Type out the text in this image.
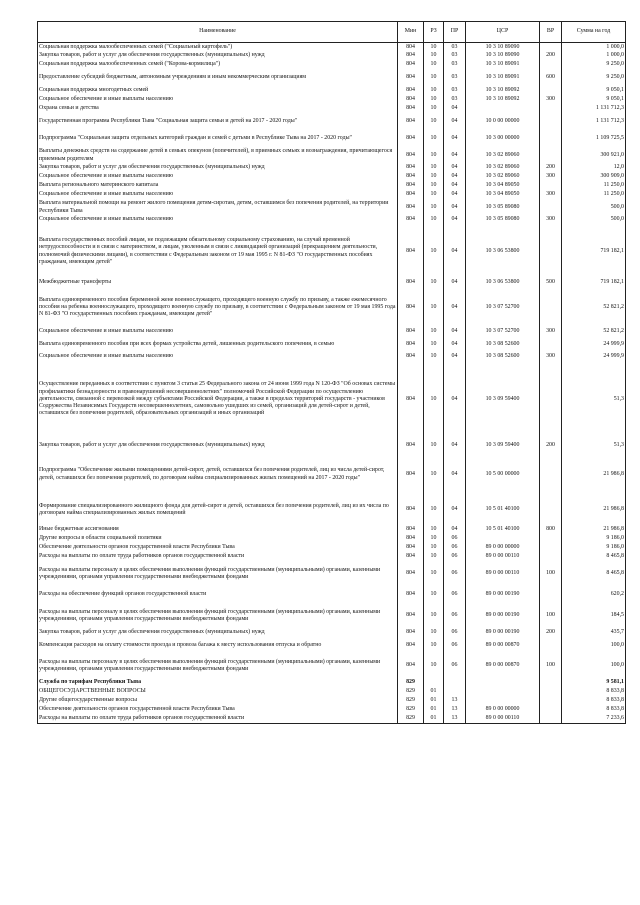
Наименование	Мин	РЗ	ПР	ЦСР	ВР	Сумма на год
Социальная поддержка малообеспеченных семей ("Социальный картофель")	804	10	03	10 3 10 89090		1 000,0
Закупка товаров, работ и услуг для обеспечения государственных (муниципальных) нужд	804	10	03	10 3 10 89090	200	1 000,0
Социальная поддержка малообеспеченных семей ("Корова-кормилица")	804	10	03	10 3 10 89091		9 250,0
Предоставление субсидий бюджетным, автономным учреждениям и иным некоммерческим организациям	804	10	03	10 3 10 89091	600	9 250,0
Социальная поддержка многодетных семей	804	10	03	10 3 10 89092		9 050,1
Социальное обеспечение и иные выплаты населению	804	10	03	10 3 10 89092	300	9 050,1
Охрана семьи и детства	804	10	04			1 131 712,3
Государственная программа Республики Тыва "Социальная защита семьи и детей на 2017 - 2020 годы"	804	10	04	10 0 00 00000		1 131 712,3
Подпрограмма "Социальная защита отдельных категорий граждан и семей с детьми в Республике Тыва на 2017 - 2020 годы"	804	10	04	10 3 00 00000		1 109 725,5
Выплаты денежных средств на содержание детей в семьях опекунов (попечителей), в приемных семьях и вознаграждения, причитающегося приемным родителям	804	10	04	10 3 02 89060		300 921,0
Закупка товаров, работ и услуг для обеспечения государственных (муниципальных) нужд	804	10	04	10 3 02 89060	200	12,0
Социальное обеспечение и иные выплаты населению	804	10	04	10 3 02 89060	300	300 909,0
Выплата регионального материнского капитала	804	10	04	10 3 04 89050		11 250,0
Социальное обеспечение и иные выплаты населению	804	10	04	10 3 04 89050	300	11 250,0
Выплата материальной помощи на ремонт жилого помещения детям-сиротам, детям, оставшимся без попечения родителей, на территории Республики Тыва	804	10	04	10 3 05 89080		500,0
Социальное обеспечение и иные выплаты населению	804	10	04	10 3 05 89080	300	500,0
Выплата государственных пособий лицам, не подлежащим обязательному социальному страхованию, на случай временной нетрудоспособности и в связи с материнством, и лицам, уволенным в связи с ликвидацией организаций (прекращением деятельности, полномочий физическими лицами), в соответствии с Федеральным законом от 19 мая 1995 г. N 81-ФЗ "О государственных пособиях гражданам, имеющим детей"	804	10	04	10 3 06 53800		719 182,1
Межбюджетные трансферты	804	10	04	10 3 06 53800	500	719 182,1
Выплата единовременного пособия беременной жене военнослужащего, проходящего военную службу по призыву, а также ежемесячного пособия на ребенка военнослужащего, проходящего военную службу по призыву, в соответствии с Федеральным законом от 19 мая 1995 года N 81-ФЗ "О государственных пособиях гражданам, имеющим детей"	804	10	04	10 3 07 52700		52 821,2
Социальное обеспечение и иные выплаты населению	804	10	04	10 3 07 52700	300	52 821,2
Выплата единовременного пособия при всех формах устройства детей, лишенных родительского попечения, в семью	804	10	04	10 3 08 52600		24 999,9
Социальное обеспечение и иные выплаты населению	804	10	04	10 3 08 52600	300	24 999,9
Осуществление переданных в соответствии с пунктом 3 статьи 25 Федерального закона от 24 июня 1999 года N 120-ФЗ "Об основах системы профилактики безнадзорности и правонарушений несовершеннолетних" полномочий Российской Федерации по осуществлению деятельности, связанной с перевозкой между субъектами Российской Федерации, а также в пределах территорий государств - участников Содружества Независимых Государств несовершеннолетних, самовольно ушедших из семей, организаций для детей-сирот и детей, оставшихся без попечения родителей, образовательных организаций и иных организаций	804	10	04	10 3 09 59400		51,3
Закупка товаров, работ и услуг для обеспечения государственных (муниципальных) нужд	804	10	04	10 3 09 59400	200	51,3
Подпрограмма "Обеспечение жилыми помещениями детей-сирот, детей, оставшихся без попечения родителей, лиц из числа детей-сирот, детей, оставшихся без попечения родителей, по договорам найма специализированных жилых помещений на 2017 - 2020 годы"	804	10	04	10 5 00 00000		21 986,8
Формирование специализированного жилищного фонда для детей-сирот и детей, оставшихся без попечения родителей, лиц из их числа по договорам найма специализированных жилых помещений	804	10	04	10 5 01 40100		21 986,8
Иные бюджетные ассигнования	804	10	04	10 5 01 40100	800	21 986,8
Другие вопросы в области социальной политики	804	10	06			9 186,0
Обеспечение деятельности органов государственной власти Республики Тыва	804	10	06	89 0 00 00000		9 186,0
Расходы на выплаты по оплате труда работников органов государственной власти	804	10	06	89 0 00 00110		8 465,8
Расходы на выплаты персоналу в целях обеспечения выполнения функций государственными (муниципальными) органами, казенными учреждениями, органами управления государственными внебюджетными фондами	804	10	06	89 0 00 00110	100	8 465,8
Расходы на обеспечение функций органов государственной власти	804	10	06	89 0 00 00190		620,2
Расходы на выплаты персоналу в целях обеспечения выполнения функций государственными (муниципальными) органами, казенными учреждениями, органами управления государственными внебюджетными фондами	804	10	06	89 0 00 00190	100	184,5
Закупка товаров, работ и услуг для обеспечения государственных (муниципальных) нужд	804	10	06	89 0 00 00190	200	435,7
Компенсация расходов на оплату стоимости проезда и провоза багажа к месту использования отпуска и обратно	804	10	06	89 0 00 00870		100,0
Расходы на выплаты персоналу в целях обеспечения выполнения функций государственными (муниципальными) органами, казенными учреждениями, органами управления государственными внебюджетными фондами	804	10	06	89 0 00 00870	100	100,0
Служба по тарифам Республики Тыва	829					9 581,1
ОБЩЕГОСУДАРСТВЕННЫЕ ВОПРОСЫ	829	01				8 833,8
Другие общегосударственные вопросы	829	01	13			8 833,8
Обеспечение деятельности органов государственной власти Республики Тыва	829	01	13	89 0 00 00000		8 833,8
Расходы на выплаты по оплате труда работников органов государственной власти	829	01	13	89 0 00 00110		7 233,6
